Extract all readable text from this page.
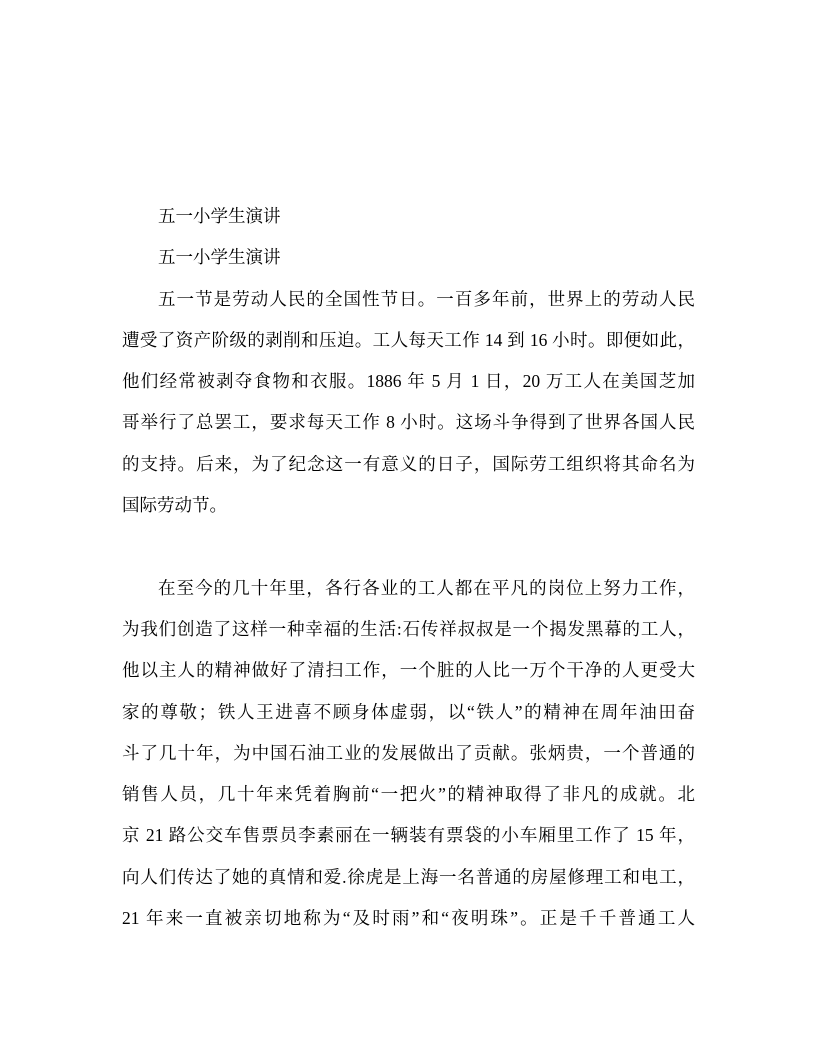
五一小学生演讲
五一小学生演讲
五一节是劳动人民的全国性节日。一百多年前，世界上的劳动人民
遭受了资产阶级的剥削和压迫。工人每天工作 14 到 16 小时。即便如此，
他们经常被剥夺食物和衣服。1886 年 5 月 1 日，20 万工人在美国芝加
哥举行了总罢工，要求每天工作 8 小时。这场斗争得到了世界各国人民
的支持。后来，为了纪念这一有意义的日子，国际劳工组织将其命名为
国际劳动节。
在至今的几十年里，各行各业的工人都在平凡的岗位上努力工作，
为我们创造了这样一种幸福的生活:石传祥叔叔是一个揭发黑幕的工人，
他以主人的精神做好了清扫工作，一个脏的人比一万个干净的人更受大
家的尊敬；铁人王进喜不顾身体虚弱，以“铁人”的精神在周年油田奋
斗了几十年，为中国石油工业的发展做出了贡献。张炳贵，一个普通的
销售人员，几十年来凭着胸前“一把火”的精神取得了非凡的成就。北
京 21 路公交车售票员李素丽在一辆装有票袋的小车厢里工作了 15 年，
向人们传达了她的真情和爱.徐虎是上海一名普通的房屋修理工和电工，
21 年来一直被亲切地称为“及时雨”和“夜明珠”。正是千千普通工人
